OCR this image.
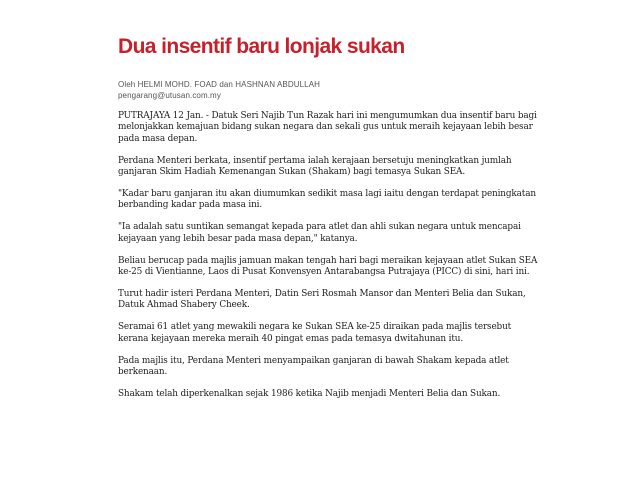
Dua insentif baru lonjak sukan
Oleh HELMI MOHD. FOAD dan HASHNAN ABDULLAH
pengarang@utusan.com.my

PUTRAJAYA 12 Jan. - Datuk Seri Najib Tun Razak hari ini mengumumkan dua insentif baru bagi melonjakkan kemajuan bidang sukan negara dan sekali gus untuk meraih kejayaan lebih besar pada masa depan.

Perdana Menteri berkata, insentif pertama ialah kerajaan bersetuju meningkatkan jumlah ganjaran Skim Hadiah Kemenangan Sukan (Shakam) bagi temasya Sukan SEA.

"Kadar baru ganjaran itu akan diumumkan sedikit masa lagi iaitu dengan terdapat peningkatan berbanding kadar pada masa ini.

"Ia adalah satu suntikan semangat kepada para atlet dan ahli sukan negara untuk mencapai kejayaan yang lebih besar pada masa depan," katanya.

Beliau berucap pada majlis jamuan makan tengah hari bagi meraikan kejayaan atlet Sukan SEA ke-25 di Vientianne, Laos di Pusat Konvensyen Antarabangsa Putrajaya (PICC) di sini, hari ini.

Turut hadir isteri Perdana Menteri, Datin Seri Rosmah Mansor dan Menteri Belia dan Sukan, Datuk Ahmad Shabery Cheek.

Seramai 61 atlet yang mewakili negara ke Sukan SEA ke-25 diraikan pada majlis tersebut kerana kejayaan mereka meraih 40 pingat emas pada temasya dwitahunan itu.

Pada majlis itu, Perdana Menteri menyampaikan ganjaran di bawah Shakam kepada atlet berkenaan.

Shakam telah diperkenalkan sejak 1986 ketika Najib menjadi Menteri Belia dan Sukan.
